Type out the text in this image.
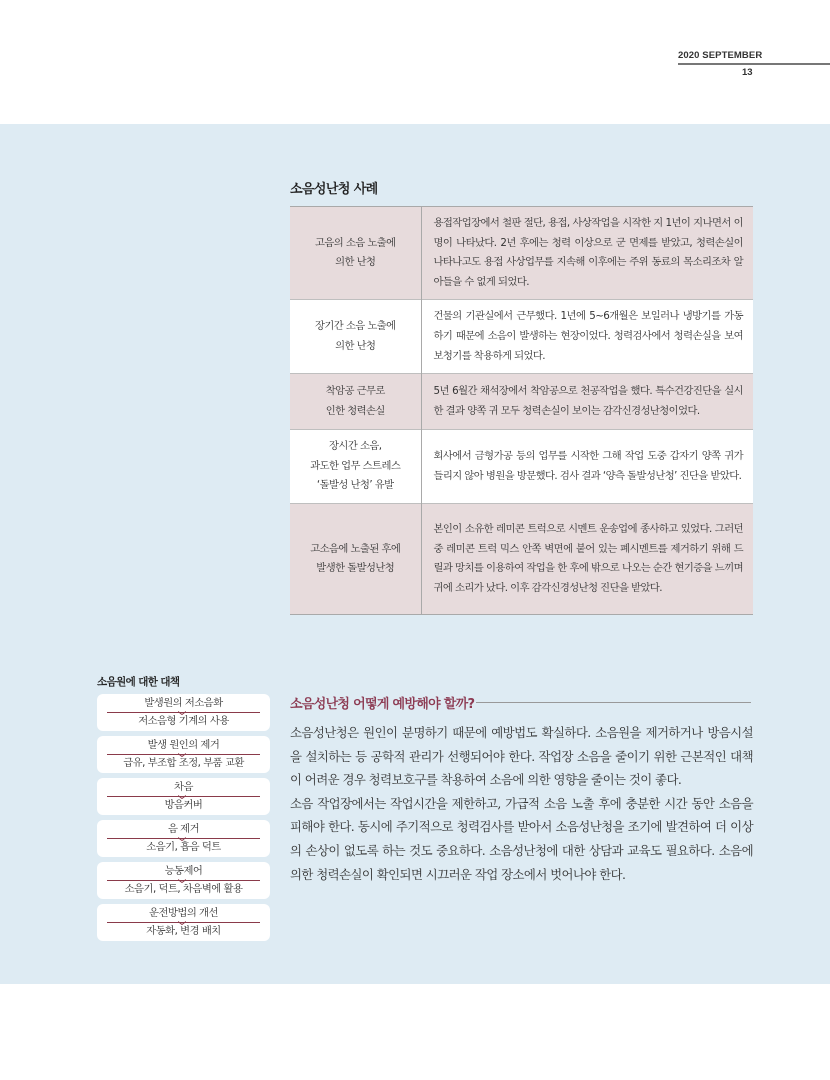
2020 SEPTEMBER
13
소음성난청 사례
고음의 소음 노출에
의한 난청	용접작업장에서 철판 절단, 용접, 사상작업을 시작한 지 1년이 지나면서 이명이 나타났다. 2년 후에는 청력 이상으로 군 면제를 받았고, 청력손실이 나타나고도 용접 사상업무를 지속해 이후에는 주위 동료의 목소리조차 알아들을 수 없게 되었다.

장기간 소음 노출에
의한 난청	건물의 기관실에서 근무했다. 1년에 5~6개월은 보일러나 냉방기를 가동하기 때문에 소음이 발생하는 현장이었다. 청력검사에서 청력손실을 보여 보청기를 착용하게 되었다.

착암공 근무로
인한 청력손실	5년 6월간 채석장에서 착암공으로 천공작업을 했다. 특수건강진단을 실시한 결과 양쪽 귀 모두 청력손실이 보이는 감각신경성난청이었다.

장시간 소음,
과도한 업무 스트레스
‘돌발성 난청’ 유발	회사에서 금형가공 등의 업무를 시작한 그해 작업 도중 갑자기 양쪽 귀가 들리지 않아 병원을 방문했다. 검사 결과 ‘양측 돌발성난청’ 진단을 받았다.

고소음에 노출된 후에
발생한 돌발성난청	본인이 소유한 레미콘 트럭으로 시멘트 운송업에 종사하고 있었다. 그러던 중 레미콘 트럭 믹스 안쪽 벽면에 붙어 있는 폐시멘트를 제거하기 위해 드릴과 망치를 이용하여 작업을 한 후에 밖으로 나오는 순간 현기증을 느끼며 귀에 소리가 났다. 이후 감각신경성난청 진단을 받았다.
소음원에 대한 대책
발생원의 저소음화
저소음형 기계의 사용
발생 원인의 제거
급유, 부조합 조정, 부품 교환
차음
방음커버
음 제거
소음기, 흡음 덕트
능동제어
소음기, 덕트, 차음벽에 활용
운전방법의 개선
자동화, 변경 배치
소음성난청 어떻게 예방해야 할까?

소음성난청은 원인이 분명하기 때문에 예방법도 확실하다. 소음원을 제거하거나 방음시설을 설치하는 등 공학적 관리가 선행되어야 한다. 작업장 소음을 줄이기 위한 근본적인 대책이 어려운 경우 청력보호구를 착용하여 소음에 의한 영향을 줄이는 것이 좋다.

소음 작업장에서는 작업시간을 제한하고, 가급적 소음 노출 후에 충분한 시간 동안 소음을 피해야 한다. 동시에 주기적으로 청력검사를 받아서 소음성난청을 조기에 발견하여 더 이상의 손상이 없도록 하는 것도 중요하다. 소음성난청에 대한 상담과 교육도 필요하다. 소음에 의한 청력손실이 확인되면 시끄러운 작업 장소에서 벗어나야 한다.
